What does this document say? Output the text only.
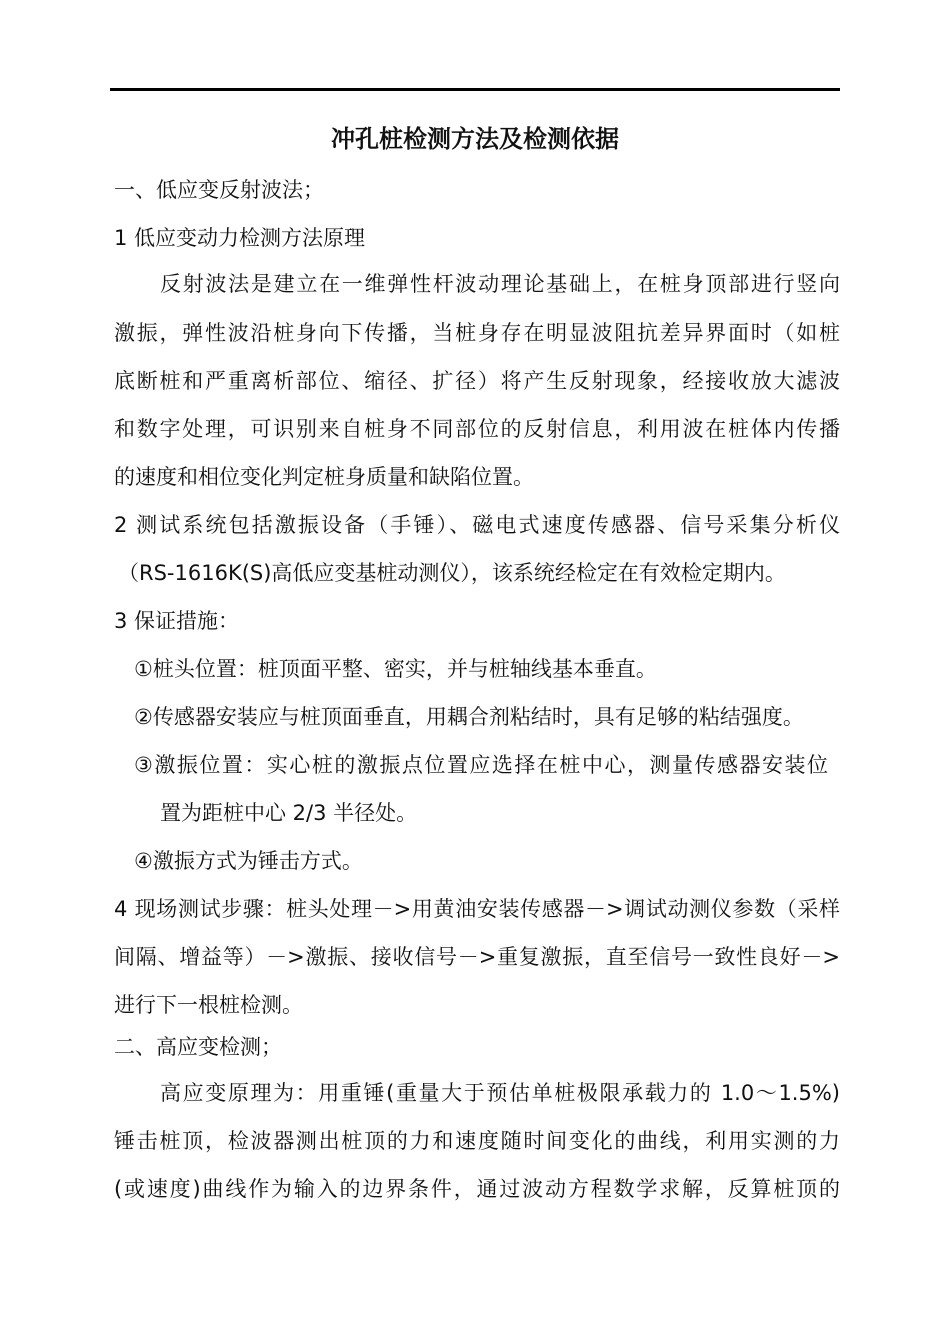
冲孔桩检测方法及检测依据

一、低应变反射波法；

1 低应变动力检测方法原理

反射波法是建立在一维弹性杆波动理论基础上，在桩身顶部进行竖向

激振，弹性波沿桩身向下传播，当桩身存在明显波阻抗差异界面时（如桩

底断桩和严重离析部位、缩径、扩径）将产生反射现象，经接收放大滤波

和数字处理，可识别来自桩身不同部位的反射信息，利用波在桩体内传播

的速度和相位变化判定桩身质量和缺陷位置。

2 测试系统包括激振设备（手锤）、磁电式速度传感器、信号采集分析仪

（RS-1616K(S)高低应变基桩动测仪），该系统经检定在有效检定期内。

3 保证措施：

①桩头位置：桩顶面平整、密实，并与桩轴线基本垂直。

②传感器安装应与桩顶面垂直，用耦合剂粘结时，具有足够的粘结强度。

③激振位置：实心桩的激振点位置应选择在桩中心，测量传感器安装位

置为距桩中心 2/3 半径处。

④激振方式为锤击方式。

4 现场测试步骤：桩头处理－>用黄油安装传感器－>调试动测仪参数（采样

间隔、增益等）－>激振、接收信号－>重复激振，直至信号一致性良好－>

进行下一根桩检测。

二、高应变检测；

高应变原理为：用重锤(重量大于预估单桩极限承载力的 1.0～1.5%)

锤击桩顶，检波器测出桩顶的力和速度随时间变化的曲线，利用实测的力

(或速度)曲线作为输入的边界条件，通过波动方程数学求解，反算桩顶的
